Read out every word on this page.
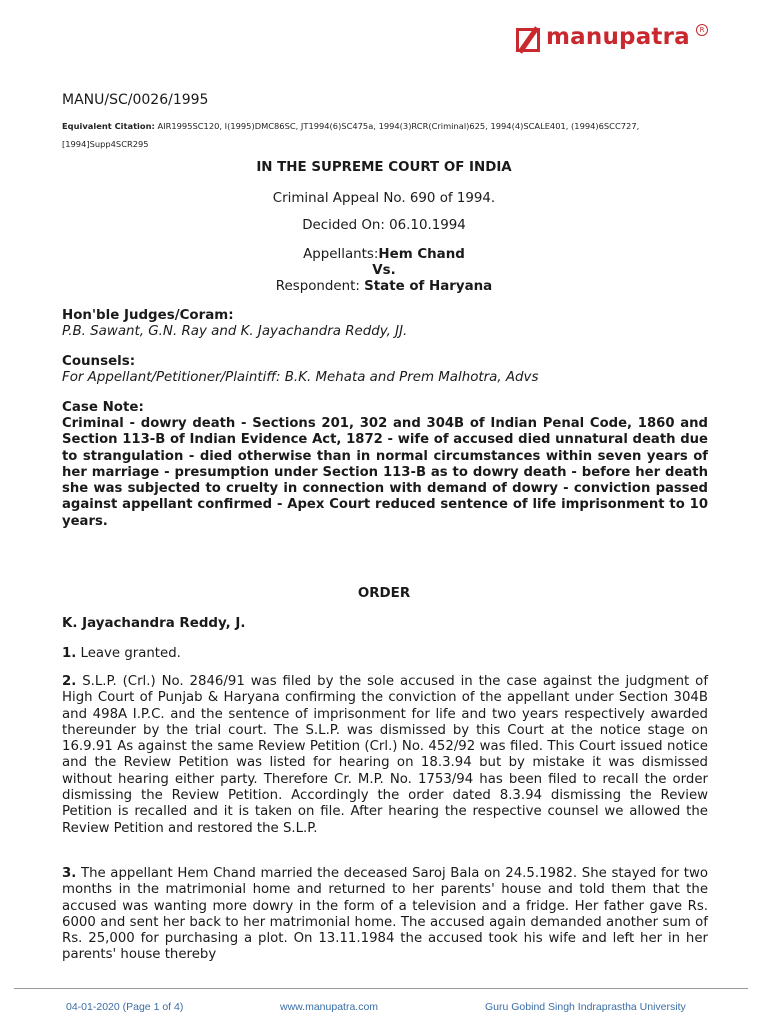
manupatra	R
MANU/SC/0026/1995
Equivalent Citation: AIR1995SC120, I(1995)DMC86SC, JT1994(6)SC475a, 1994(3)RCR(Criminal)625, 1994(4)SCALE401, (1994)6SCC727, [1994]Supp4SCR295
IN THE SUPREME COURT OF INDIA
Criminal Appeal No. 690 of 1994.
Decided On: 06.10.1994
Appellants:Hem Chand
Vs.
Respondent: State of Haryana
Hon'ble Judges/Coram:
P.B. Sawant, G.N. Ray and K. Jayachandra Reddy, JJ.
Counsels:
For Appellant/Petitioner/Plaintiff: B.K. Mehata and Prem Malhotra, Advs
Case Note:
Criminal - dowry death - Sections 201, 302 and 304B of Indian Penal Code, 1860 and Section 113-B of Indian Evidence Act, 1872 - wife of accused died unnatural death due to strangulation - died otherwise than in normal circumstances within seven years of her marriage - presumption under Section 113-B as to dowry death - before her death she was subjected to cruelty in connection with demand of dowry - conviction passed against appellant confirmed - Apex Court reduced sentence of life imprisonment to 10 years.
ORDER
K. Jayachandra Reddy, J.
1. Leave granted.
2. S.L.P. (Crl.) No. 2846/91 was filed by the sole accused in the case against the judgment of High Court of Punjab & Haryana confirming the conviction of the appellant under Section 304B and 498A I.P.C. and the sentence of imprisonment for life and two years respectively awarded thereunder by the trial court. The S.L.P. was dismissed by this Court at the notice stage on 16.9.91 As against the same Review Petition (Crl.) No. 452/92 was filed. This Court issued notice and the Review Petition was listed for hearing on 18.3.94 but by mistake it was dismissed without hearing either party. Therefore Cr. M.P. No. 1753/94 has been filed to recall the order dismissing the Review Petition. Accordingly the order dated 8.3.94 dismissing the Review Petition is recalled and it is taken on file. After hearing the respective counsel we allowed the Review Petition and restored the S.L.P.
3. The appellant Hem Chand married the deceased Saroj Bala on 24.5.1982. She stayed for two months in the matrimonial home and returned to her parents' house and told them that the accused was wanting more dowry in the form of a television and a fridge. Her father gave Rs. 6000 and sent her back to her matrimonial home. The accused again demanded another sum of Rs. 25,000 for purchasing a plot. On 13.11.1984 the accused took his wife and left her in her parents' house thereby
04-01-2020 (Page 1 of 4)	www.manupatra.com	Guru Gobind Singh Indraprastha University
